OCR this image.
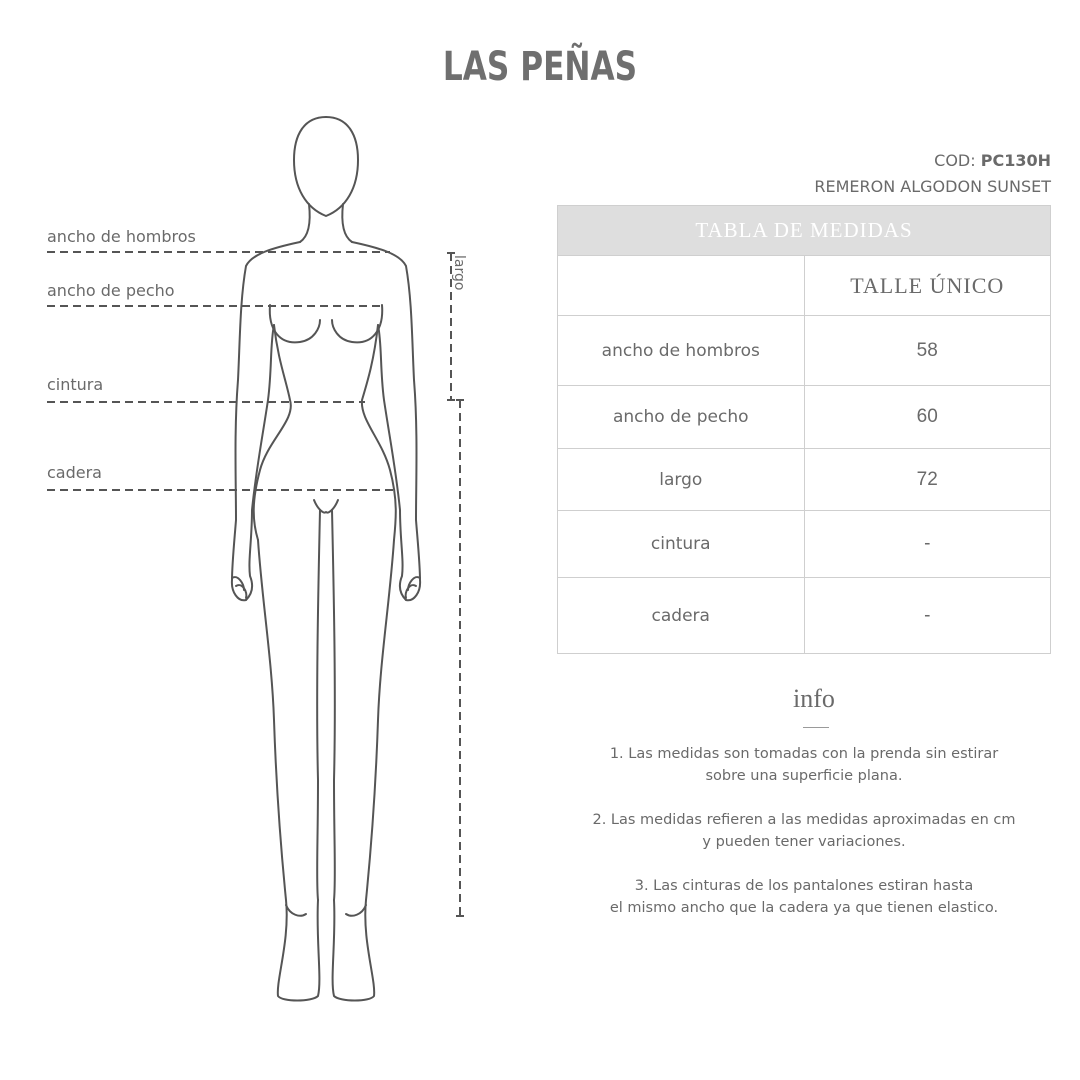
LAS PEÑAS
ancho de hombros
ancho de pecho
cintura
cadera
largo
COD: PC130H
REMERON ALGODON SUNSET
TABLA DE MEDIDAS	
	TALLE ÚNICO
ancho de hombros	58
ancho de pecho	60
largo	72
cintura	-
cadera	-
info
1. Las medidas son tomadas con la prenda sin estirar
sobre una superficie plana.
2. Las medidas refieren a las medidas aproximadas en cm
y pueden tener variaciones.
3. Las cinturas de los pantalones estiran hasta
el mismo ancho que la cadera ya que tienen elastico.
